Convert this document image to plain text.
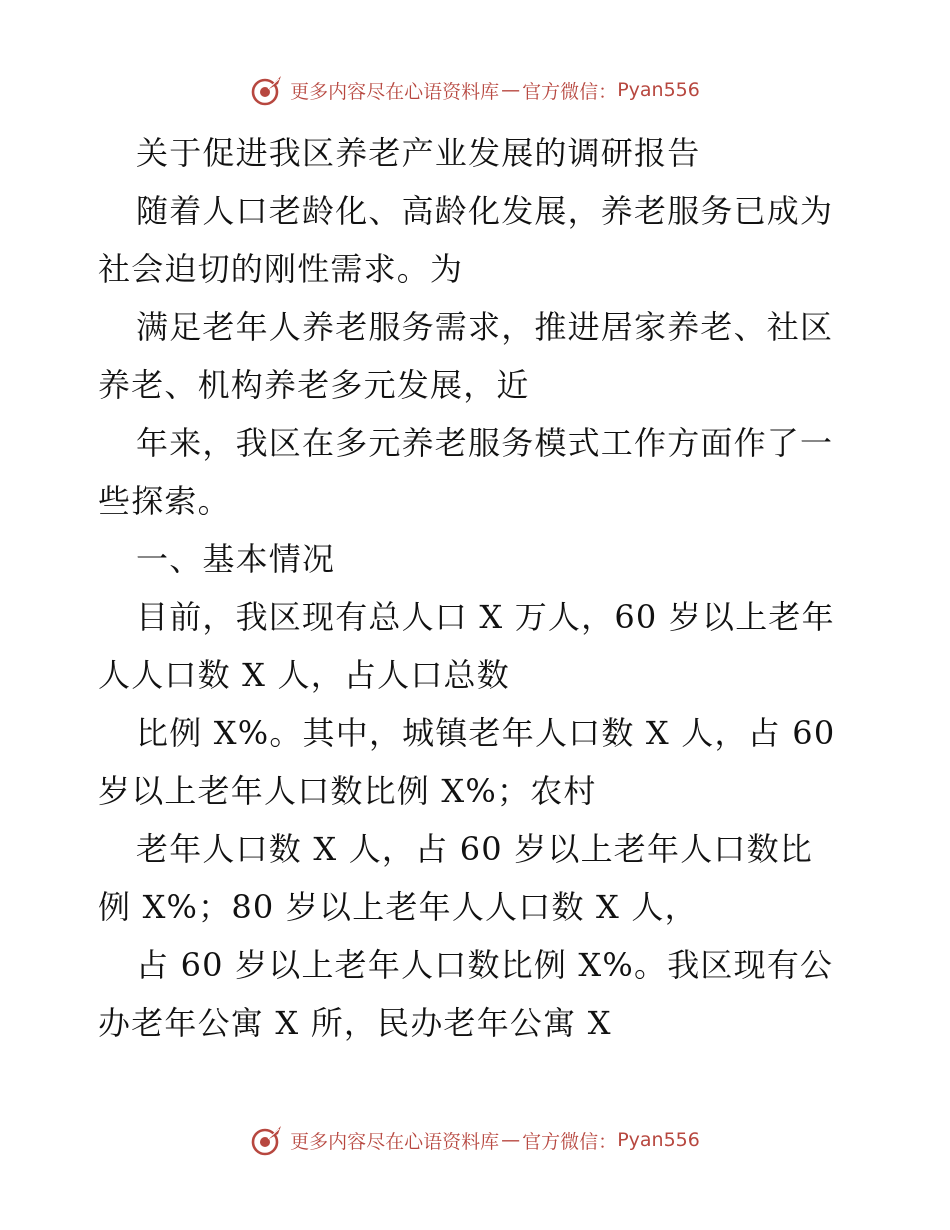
更多内容尽在心语资料库 — 官方微信： Pyan556

关于促进我区养老产业发展的调研报告

随着人口老龄化、高龄化发展，养老服务已成为

社会迫切的刚性需求。为

满足老年人养老服务需求，推进居家养老、社区

养老、机构养老多元发展，近

年来，我区在多元养老服务模式工作方面作了一

些探索。

一、基本情况

目前，我区现有总人口 X 万人，60 岁以上老年

人人口数 X 人，占人口总数

比例 X%。其中，城镇老年人口数 X 人，占 60

岁以上老年人口数比例 X%；农村

老年人口数 X 人，占 60 岁以上老年人口数比

例 X%；80 岁以上老年人人口数 X 人，

占 60 岁以上老年人口数比例 X%。我区现有公

办老年公寓 X 所，民办老年公寓 X

更多内容尽在心语资料库 — 官方微信： Pyan556
